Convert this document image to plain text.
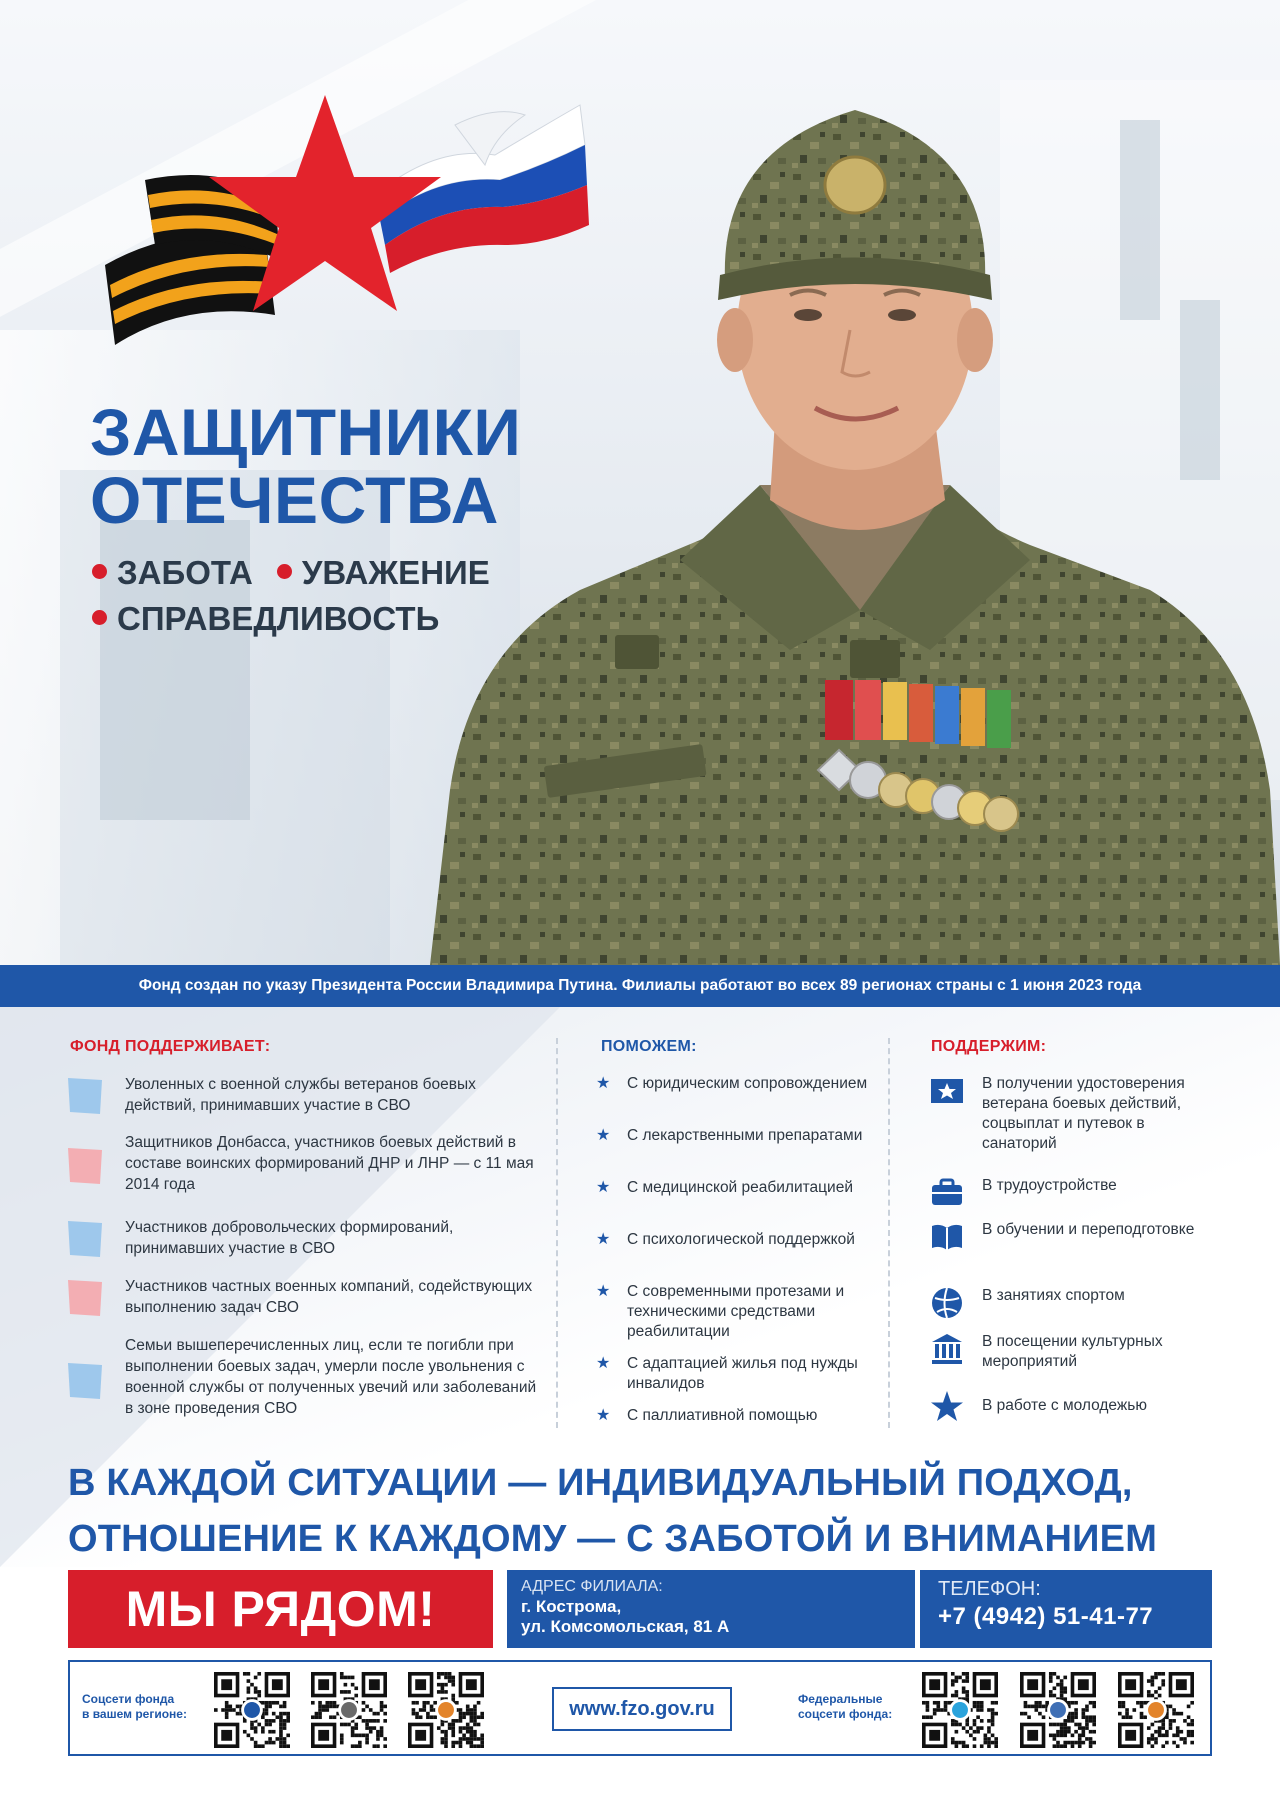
ЗАЩИТНИКИ
ОТЕЧЕСТВА
ЗАБОТА УВАЖЕНИЕ
СПРАВЕДЛИВОСТЬ
Фонд создан по указу Президента России Владимира Путина. Филиалы работают во всех 89 регионах страны с 1 июня 2023 года
ФОНД ПОДДЕРЖИВАЕТ:
Уволенных с военной службы ветеранов боевых действий, принимавших участие в СВО
Защитников Донбасса, участников боевых действий в составе воинских формирований ДНР и ЛНР — с 11 мая 2014 года
Участников добровольческих формирований, принимавших участие в СВО
Участников частных военных компаний, содействующих выполнению задач СВО
Семьи вышеперечисленных лиц, если те погибли при выполнении боевых задач, умерли после увольнения с военной службы от полученных увечий или заболеваний в зоне проведения СВО
ПОМОЖЕМ:
★ С юридическим сопровождением
★ С лекарственными препаратами
★ С медицинской реабилитацией
★ С психологической поддержкой
★ С современными протезами и техническими средствами реабилитации
★ С адаптацией жилья под нужды инвалидов
★ С паллиативной помощью
ПОДДЕРЖИМ:
В получении удостоверения ветерана боевых действий, соцвыплат и путевок в санаторий
В трудоустройстве
В обучении и переподготовке
В занятиях спортом
В посещении культурных мероприятий
В работе с молодежью
В КАЖДОЙ СИТУАЦИИ — ИНДИВИДУАЛЬНЫЙ ПОДХОД,
ОТНОШЕНИЕ К КАЖДОМУ — С ЗАБОТОЙ И ВНИМАНИЕМ
МЫ РЯДОМ!	АДРЕС ФИЛИАЛА:
г. Кострома,
ул. Комсомольская, 81 А
ТЕЛЕФОН:
+7 (4942) 51-41-77
Соцсети фонда
в вашем регионе:	www.fzo.gov.ru	Федеральные
соцсети фонда:
